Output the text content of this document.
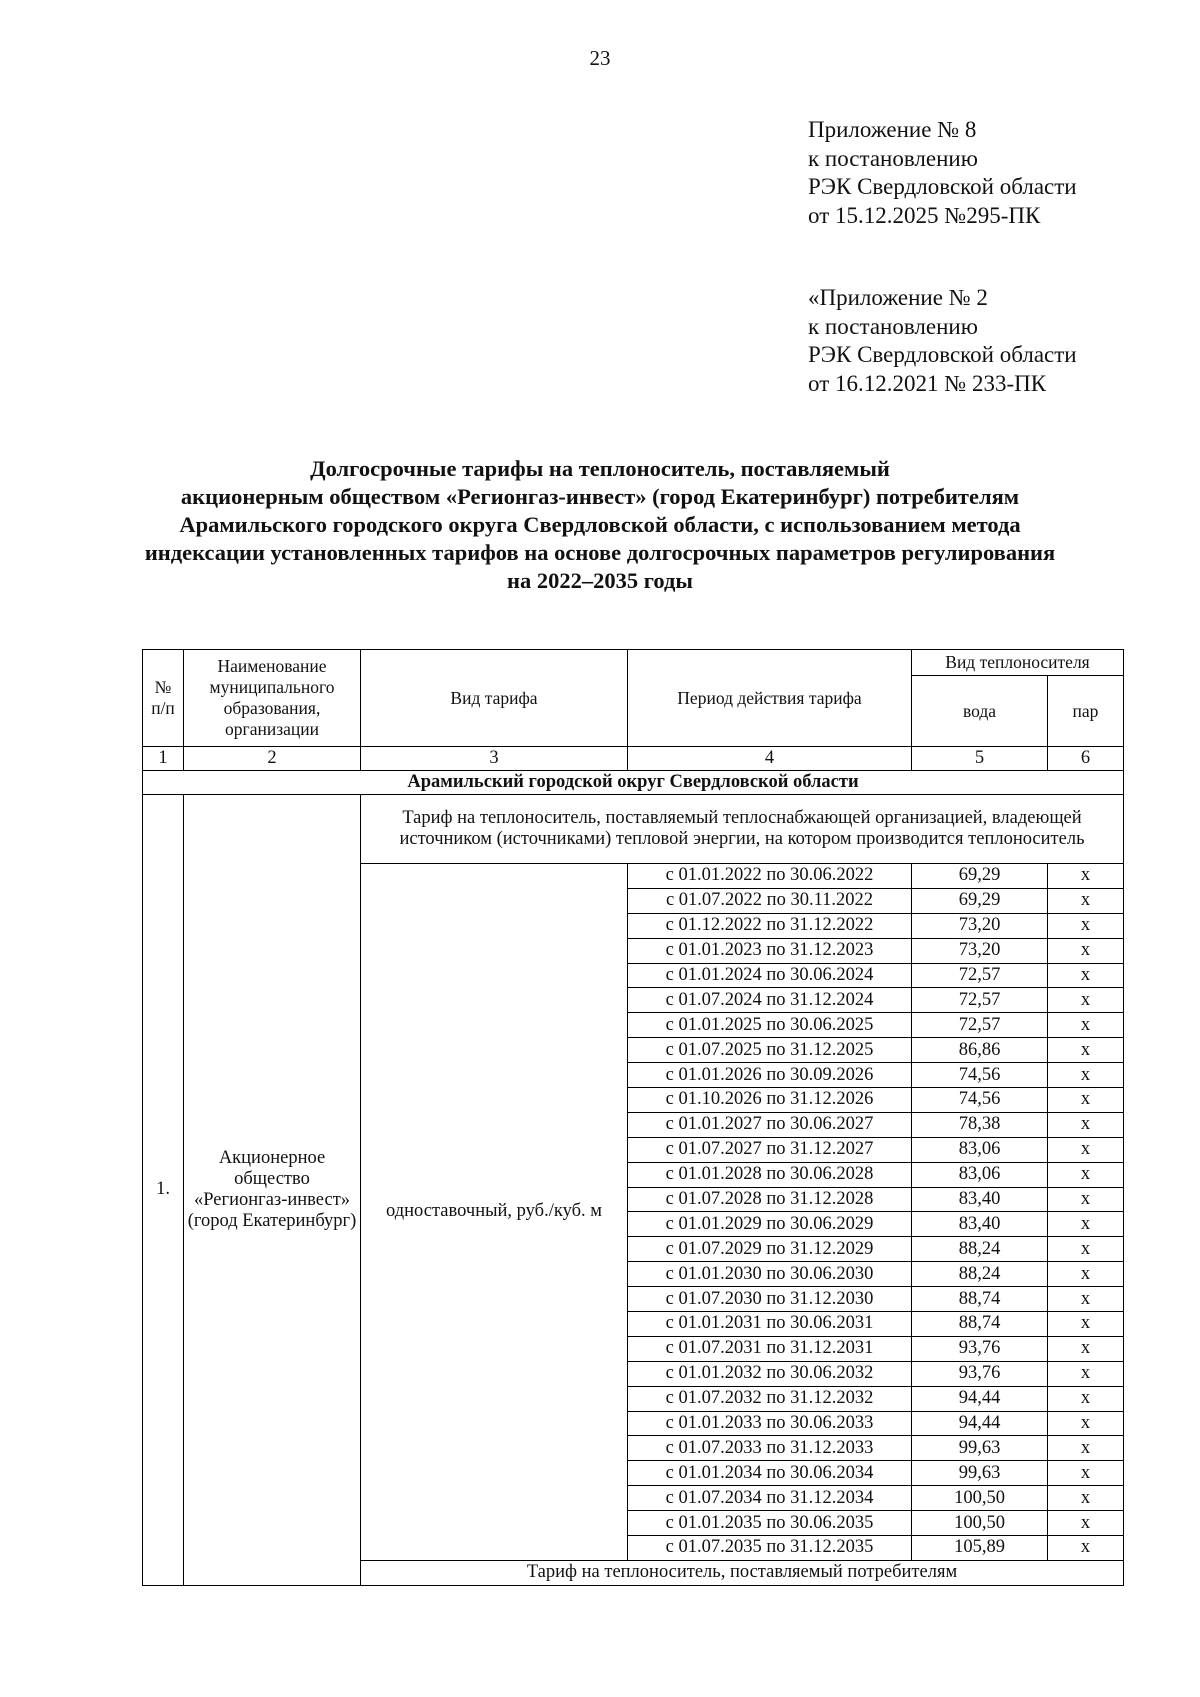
23
Приложение № 8
к постановлению
РЭК Свердловской области
от 15.12.2025 №295-ПК
«Приложение № 2
к постановлению
РЭК Свердловской области
от 16.12.2021 № 233-ПК
Долгосрочные тарифы на теплоноситель, поставляемый
акционерным обществом «Регионгаз-инвест» (город Екатеринбург) потребителям
Арамильского городского округа Свердловской области, с использованием метода
индексации установленных тарифов на основе долгосрочных параметров регулирования
на 2022–2035 годы
№ п/п	Наименование муниципального образования, организации	Вид тарифа	Период действия тарифа	Вид теплоносителя	
				вода	пар
1	2	3	4	5	6
Арамильский городской округ Свердловской области					
1.	Акционерное общество «Регионгаз-инвест» (город Екатеринбург)	Тариф на теплоноситель, поставляемый теплоснабжающей организацией, владеющей источником (источниками) тепловой энергии, на котором производится теплоноситель			
		одноставочный, руб./куб. м	с 01.01.2022 по 30.06.2022	69,29	х
			с 01.07.2022 по 30.11.2022	69,29	х
			с 01.12.2022 по 31.12.2022	73,20	х
			с 01.01.2023 по 31.12.2023	73,20	х
			с 01.01.2024 по 30.06.2024	72,57	х
			с 01.07.2024 по 31.12.2024	72,57	х
			с 01.01.2025 по 30.06.2025	72,57	х
			с 01.07.2025 по 31.12.2025	86,86	х
			с 01.01.2026 по 30.09.2026	74,56	х
			с 01.10.2026 по 31.12.2026	74,56	х
			с 01.01.2027 по 30.06.2027	78,38	х
			с 01.07.2027 по 31.12.2027	83,06	х
			с 01.01.2028 по 30.06.2028	83,06	х
			с 01.07.2028 по 31.12.2028	83,40	х
			с 01.01.2029 по 30.06.2029	83,40	х
			с 01.07.2029 по 31.12.2029	88,24	х
			с 01.01.2030 по 30.06.2030	88,24	х
			с 01.07.2030 по 31.12.2030	88,74	х
			с 01.01.2031 по 30.06.2031	88,74	х
			с 01.07.2031 по 31.12.2031	93,76	х
			с 01.01.2032 по 30.06.2032	93,76	х
			с 01.07.2032 по 31.12.2032	94,44	х
			с 01.01.2033 по 30.06.2033	94,44	х
			с 01.07.2033 по 31.12.2033	99,63	х
			с 01.01.2034 по 30.06.2034	99,63	х
			с 01.07.2034 по 31.12.2034	100,50	х
			с 01.01.2035 по 30.06.2035	100,50	х
			с 01.07.2035 по 31.12.2035	105,89	х
		Тариф на теплоноситель, поставляемый потребителям			
